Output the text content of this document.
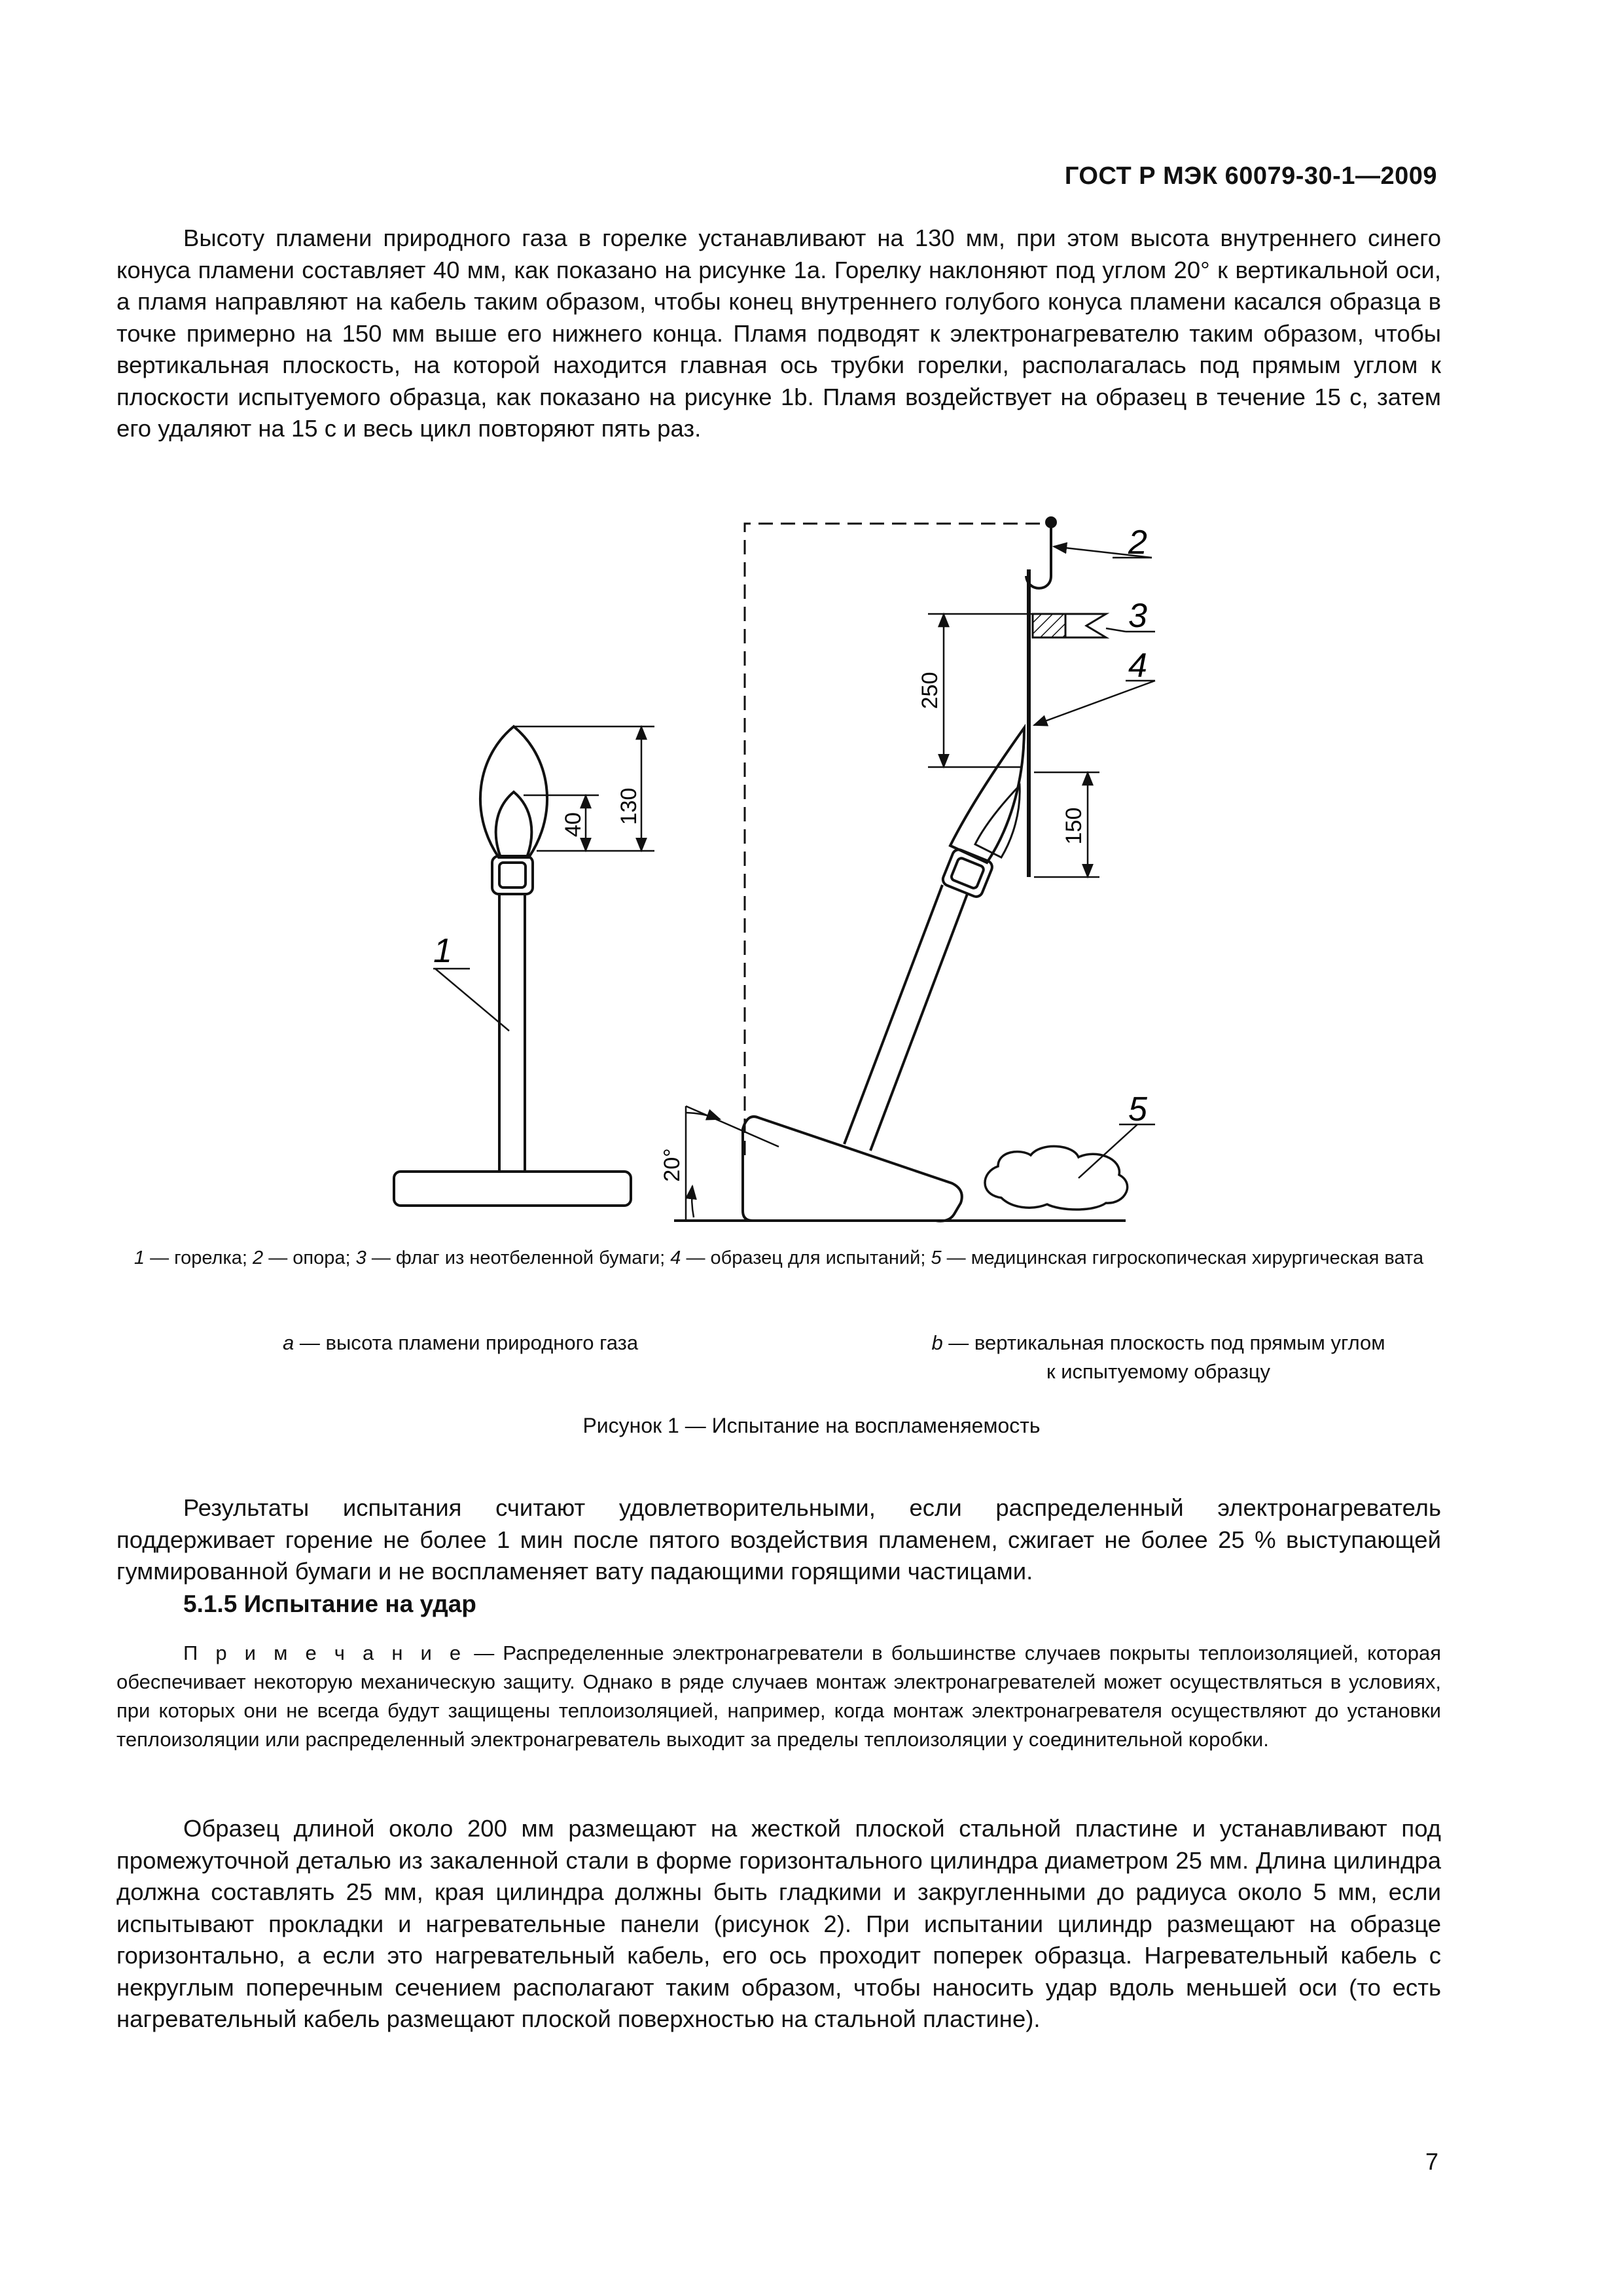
ГОСТ Р МЭК 60079-30-1—2009

Высоту пламени природного газа в горелке устанавливают на 130 мм, при этом высота внутреннего синего конуса пламени составляет 40 мм, как показано на рисунке 1а. Горелку наклоняют под углом 20° к вертикальной оси, а пламя направляют на кабель таким образом, чтобы конец внутреннего голубого конуса пламени касался образца в точке примерно на 150 мм выше его нижнего конца. Пламя подводят к электронагревателю таким образом, чтобы вертикальная плоскость, на которой находится главная ось трубки горелки, располагалась под прямым углом к плоскости испытуемого образца, как показано на рисунке 1b. Пламя воздействует на образец в течение 15 с, затем его удаляют на 15 с и весь цикл повторяют пять раз.

130
40
1
250
150
20°
2
3
4
5

1 — горелка; 2 — опора; 3 — флаг из неотбеленной бумаги; 4 — образец для испытаний; 5 — медицинская гигроскопическая хирургическая вата

а — высота пламени природного газа	b — вертикальная плоскость под прямым углом
к испытуемому образцу

Рисунок 1 — Испытание на воспламеняемость

Результаты испытания считают удовлетворительными, если распределенный электронагреватель поддерживает горение не более 1 мин после пятого воздействия пламенем, сжигает не более 25 % выступающей гуммированной бумаги и не воспламеняет вату падающими горящими частицами.

5.1.5 Испытание на удар

П р и м е ч а н и е — Распределенные электронагреватели в большинстве случаев покрыты теплоизоляцией, которая обеспечивает некоторую механическую защиту. Однако в ряде случаев монтаж электронагревателей может осуществляться в условиях, при которых они не всегда будут защищены теплоизоляцией, например, когда монтаж электронагревателя осуществляют до установки теплоизоляции или распределенный электронагреватель выходит за пределы теплоизоляции у соединительной коробки.

Образец длиной около 200 мм размещают на жесткой плоской стальной пластине и устанавливают под промежуточной деталью из закаленной стали в форме горизонтального цилиндра диаметром 25 мм. Длина цилиндра должна составлять 25 мм, края цилиндра должны быть гладкими и закругленными до радиуса около 5 мм, если испытывают прокладки и нагревательные панели (рисунок 2). При испытании цилиндр размещают на образце горизонтально, а если это нагревательный кабель, его ось проходит поперек образца. Нагревательный кабель с некруглым поперечным сечением располагают таким образом, чтобы наносить удар вдоль меньшей оси (то есть нагревательный кабель размещают плоской поверхностью на стальной пластине).

7
